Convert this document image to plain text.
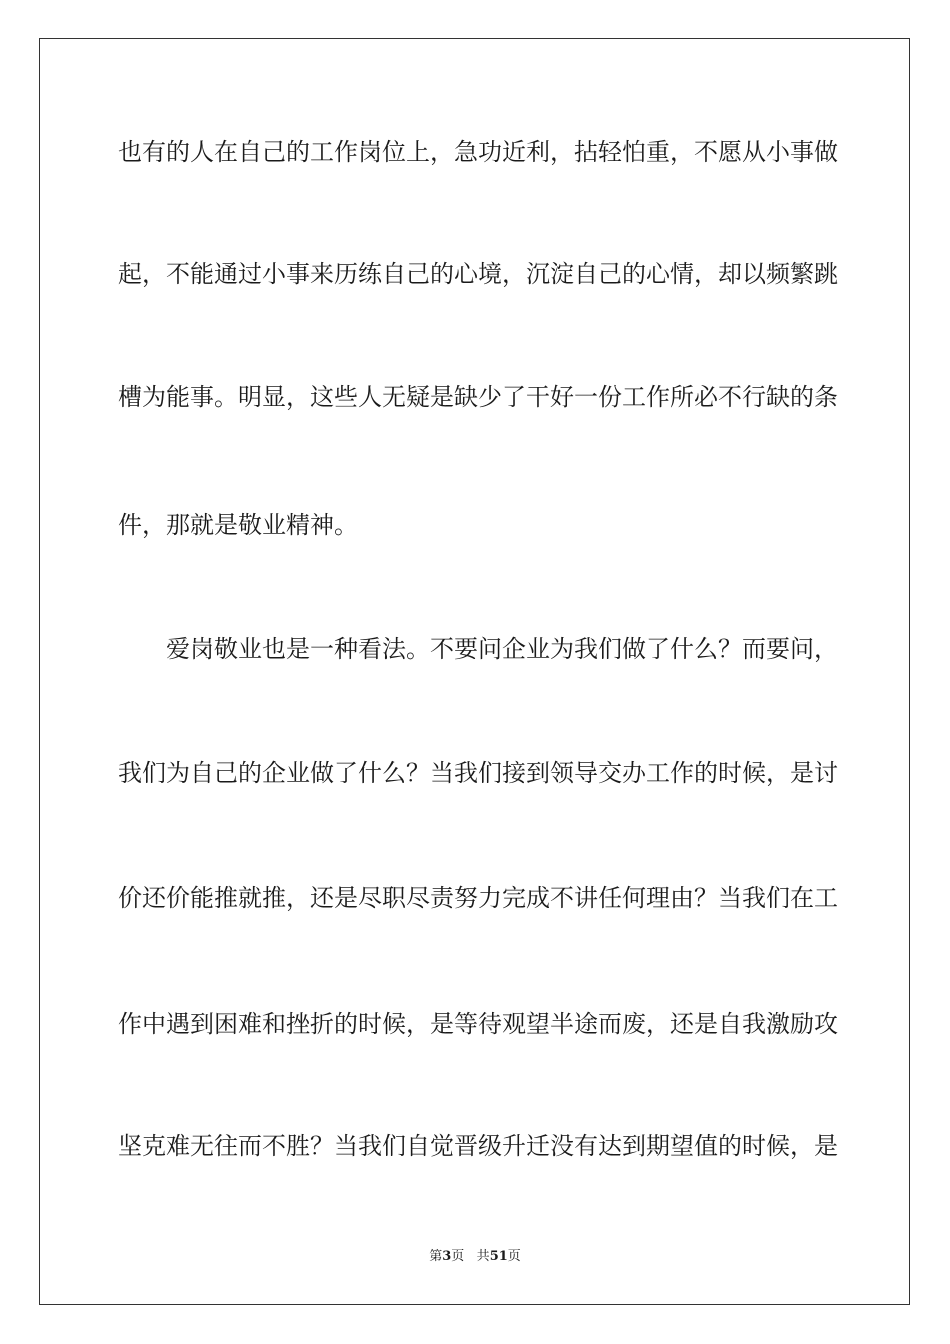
也有的人在自己的工作岗位上，急功近利，拈轻怕重，不愿从小事做
起，不能通过小事来历练自己的心境，沉淀自己的心情，却以频繁跳
槽为能事。明显，这些人无疑是缺少了干好一份工作所必不行缺的条
件，那就是敬业精神。
　　爱岗敬业也是一种看法。不要问企业为我们做了什么？而要问，
我们为自己的企业做了什么？当我们接到领导交办工作的时候，是讨
价还价能推就推，还是尽职尽责努力完成不讲任何理由？当我们在工
作中遇到困难和挫折的时候，是等待观望半途而废，还是自我激励攻
坚克难无往而不胜？当我们自觉晋级升迁没有达到期望值的时候，是
第3页 共51页
